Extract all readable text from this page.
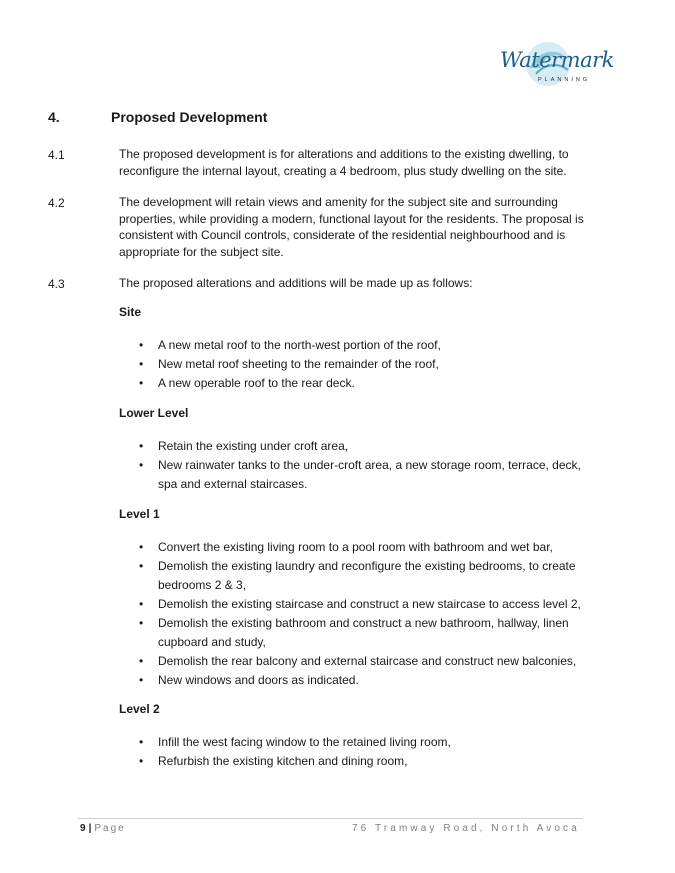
Watermark
PLANNING
4.	Proposed Development
4.1	The proposed development is for alterations and additions to the existing dwelling, to reconfigure the internal layout, creating a 4 bedroom, plus study dwelling on the site.
4.2	The development will retain views and amenity for the subject site and surrounding properties, while providing a modern, functional layout for the residents. The proposal is consistent with Council controls, considerate of the residential neighbourhood and is appropriate for the subject site.
4.3	The proposed alterations and additions will be made up as follows:
Site
• A new metal roof to the north-west portion of the roof,
• New metal roof sheeting to the remainder of the roof,
• A new operable roof to the rear deck.
Lower Level
• Retain the existing under croft area,
• New rainwater tanks to the under-croft area, a new storage room, terrace, deck, spa and external staircases.
Level 1
• Convert the existing living room to a pool room with bathroom and wet bar,
• Demolish the existing laundry and reconfigure the existing bedrooms, to create bedrooms 2 & 3,
• Demolish the existing staircase and construct a new staircase to access level 2,
• Demolish the existing bathroom and construct a new bathroom, hallway, linen cupboard and study,
• Demolish the rear balcony and external staircase and construct new balconies,
• New windows and doors as indicated.
Level 2
• Infill the west facing window to the retained living room,
• Refurbish the existing kitchen and dining room,
9 | Page	76 Tramway Road, North Avoca
